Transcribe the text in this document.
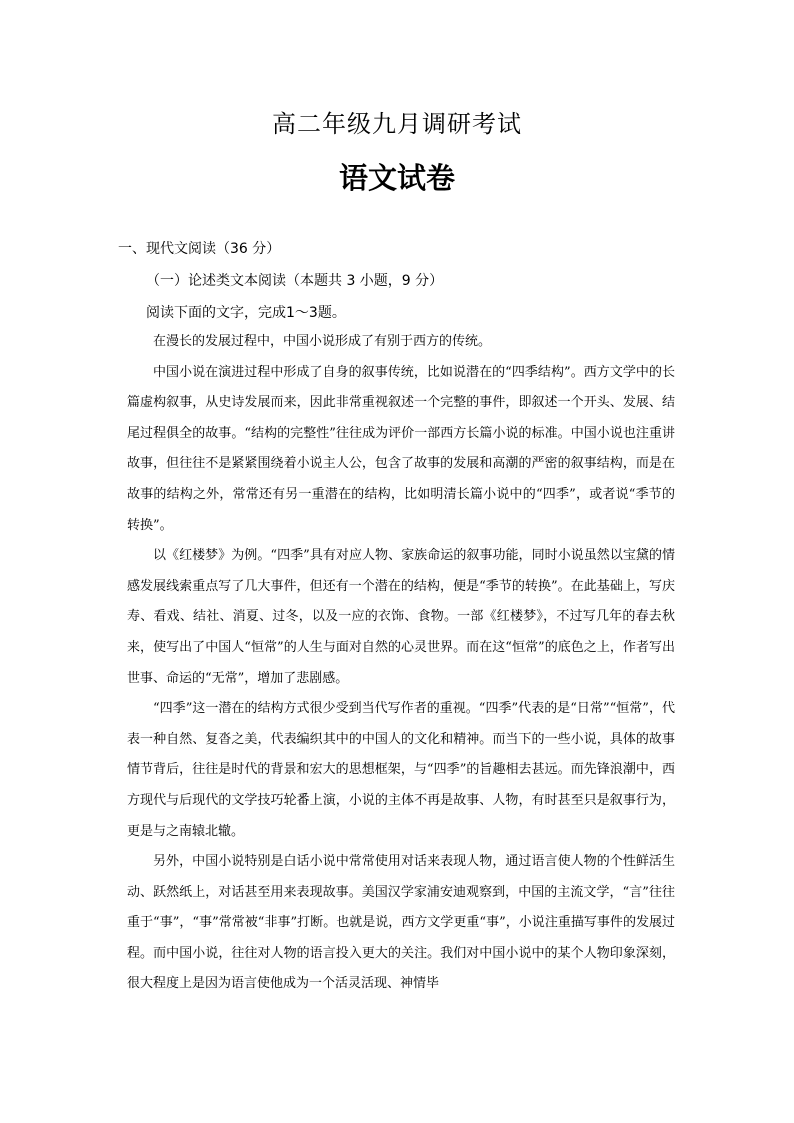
高二年级九月调研考试
语文试卷
一、现代文阅读（36 分）
（一）论述类文本阅读（本题共 3 小题，9 分）
阅读下面的文字，完成1～3题。

在漫长的发展过程中，中国小说形成了有别于西方的传统。

中国小说在演进过程中形成了自身的叙事传统，比如说潜在的“四季结构”。西方文学中的长篇虚构叙事，从史诗发展而来，因此非常重视叙述一个完整的事件，即叙述一个开头、发展、结尾过程俱全的故事。“结构的完整性”往往成为评价一部西方长篇小说的标准。中国小说也注重讲故事，但往往不是紧紧围绕着小说主人公，包含了故事的发展和高潮的严密的叙事结构，而是在故事的结构之外，常常还有另一重潜在的结构，比如明清长篇小说中的“四季”，或者说“季节的转换”。

以《红楼梦》为例。“四季”具有对应人物、家族命运的叙事功能，同时小说虽然以宝黛的情感发展线索重点写了几大事件，但还有一个潜在的结构，便是“季节的转换”。在此基础上，写庆寿、看戏、结社、消夏、过冬，以及一应的衣饰、食物。一部《红楼梦》，不过写几年的春去秋来，使写出了中国人“恒常”的人生与面对自然的心灵世界。而在这“恒常”的底色之上，作者写出世事、命运的“无常”，增加了悲剧感。

“四季”这一潜在的结构方式很少受到当代写作者的重视。“四季”代表的是“日常”“恒常”，代表一种自然、复沓之美，代表编织其中的中国人的文化和精神。而当下的一些小说，具体的故事情节背后，往往是时代的背景和宏大的思想框架，与“四季”的旨趣相去甚远。而先锋浪潮中，西方现代与后现代的文学技巧轮番上演，小说的主体不再是故事、人物，有时甚至只是叙事行为，更是与之南辕北辙。

另外，中国小说特别是白话小说中常常使用对话来表现人物，通过语言使人物的个性鲜活生动、跃然纸上，对话甚至用来表现故事。美国汉学家浦安迪观察到，中国的主流文学，“言”往往重于“事”，“事”常常被“非事”打断。也就是说，西方文学更重“事”，小说注重描写事件的发展过程。而中国小说，往往对人物的语言投入更大的关注。我们对中国小说中的某个人物印象深刻，很大程度上是因为语言使他成为一个活灵活现、神情毕
